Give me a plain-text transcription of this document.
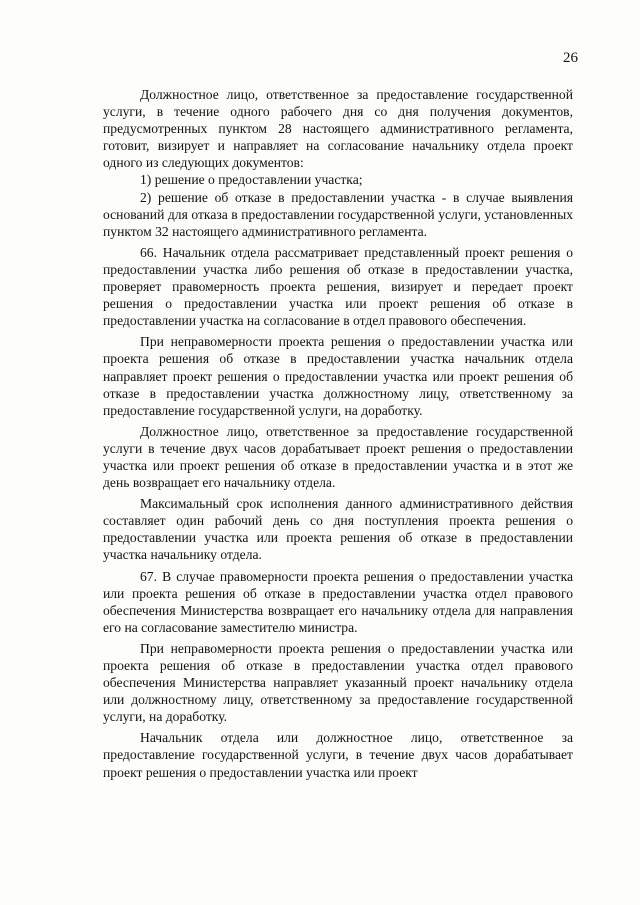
26

Должностное лицо, ответственное за предоставление государственной услуги, в течение одного рабочего дня со дня получения документов, предусмотренных пунктом 28 настоящего административного регламента, готовит, визирует и направляет на согласование начальнику отдела проект одного из следующих документов:

1) решение о предоставлении участка;

2) решение об отказе в предоставлении участка - в случае выявления оснований для отказа в предоставлении государственной услуги, установленных пунктом 32 настоящего административного регламента.

66. Начальник отдела рассматривает представленный проект решения о предоставлении участка либо решения об отказе в предоставлении участка, проверяет правомерность проекта решения, визирует и передает проект решения о предоставлении участка или проект решения об отказе в предоставлении участка на согласование в отдел правового обеспечения.

При неправомерности проекта решения о предоставлении участка или проекта решения об отказе в предоставлении участка начальник отдела направляет проект решения о предоставлении участка или проект решения об отказе в предоставлении участка должностному лицу, ответственному за предоставление государственной услуги, на доработку.

Должностное лицо, ответственное за предоставление государственной услуги в течение двух часов дорабатывает проект решения о предоставлении участка или проект решения об отказе в предоставлении участка и в этот же день возвращает его начальнику отдела.

Максимальный срок исполнения данного административного действия составляет один рабочий день со дня поступления проекта решения о предоставлении участка или проекта решения об отказе в предоставлении участка начальнику отдела.

67. В случае правомерности проекта решения о предоставлении участка или проекта решения об отказе в предоставлении участка отдел правового обеспечения Министерства возвращает его начальнику отдела для направления его на согласование заместителю министра.

При неправомерности проекта решения о предоставлении участка или проекта решения об отказе в предоставлении участка отдел правового обеспечения Министерства направляет указанный проект начальнику отдела или должностному лицу, ответственному за предоставление государственной услуги, на доработку.

Начальник отдела или должностное лицо, ответственное за предоставление государственной услуги, в течение двух часов дорабатывает проект решения о предоставлении участка или проект
